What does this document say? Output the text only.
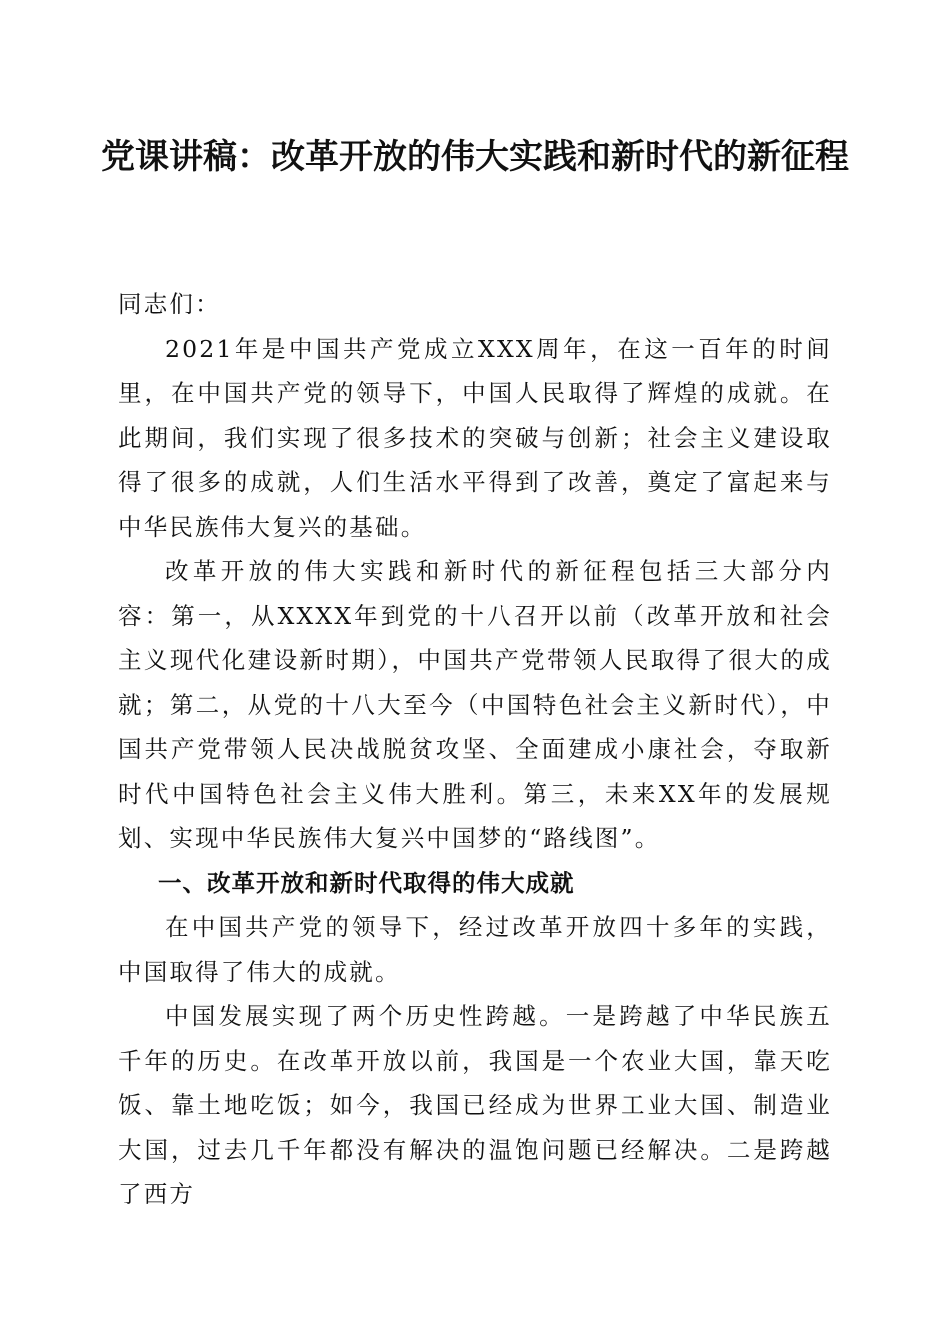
党课讲稿：改革开放的伟大实践和新时代的新征程

同志们：

2021年是中国共产党成立XXX周年，在这一百年的时间里，在中国共产党的领导下，中国人民取得了辉煌的成就。在此期间，我们实现了很多技术的突破与创新；社会主义建设取得了很多的成就，人们生活水平得到了改善，奠定了富起来与中华民族伟大复兴的基础。

改革开放的伟大实践和新时代的新征程包括三大部分内容：第一，从XXXX年到党的十八召开以前（改革开放和社会主义现代化建设新时期），中国共产党带领人民取得了很大的成就；第二，从党的十八大至今（中国特色社会主义新时代），中国共产党带领人民决战脱贫攻坚、全面建成小康社会，夺取新时代中国特色社会主义伟大胜利。第三，未来XX年的发展规划、实现中华民族伟大复兴中国梦的“路线图”。

一、改革开放和新时代取得的伟大成就

在中国共产党的领导下，经过改革开放四十多年的实践，中国取得了伟大的成就。

中国发展实现了两个历史性跨越。一是跨越了中华民族五千年的历史。在改革开放以前，我国是一个农业大国，靠天吃饭、靠土地吃饭；如今，我国已经成为世界工业大国、制造业大国，过去几千年都没有解决的温饱问题已经解决。二是跨越了西方
